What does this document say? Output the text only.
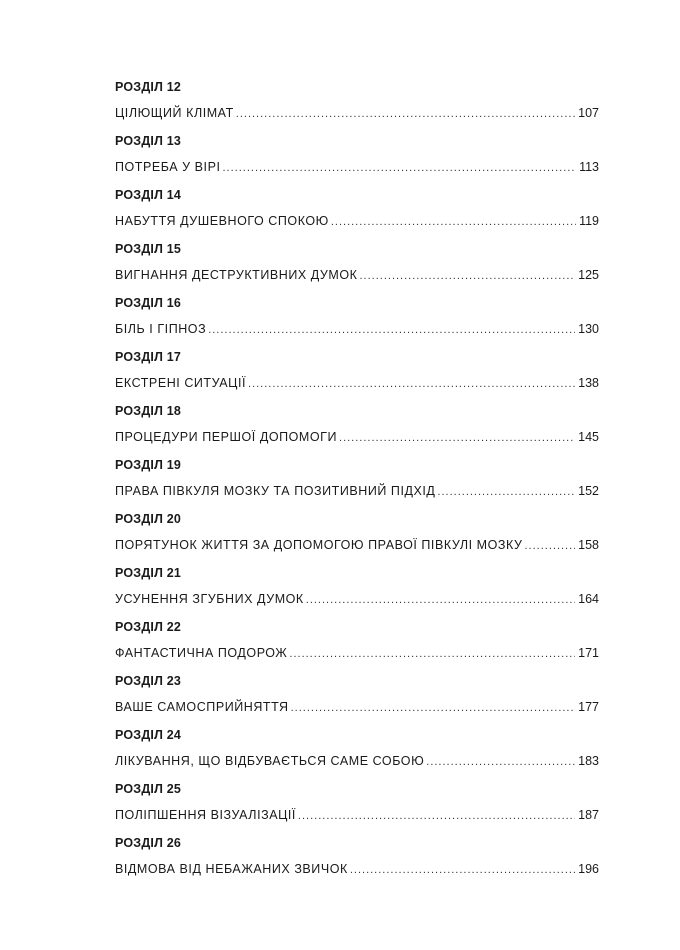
РОЗДІЛ 12
ЦІЛЮЩИЙ КЛІМАТ .....	107
РОЗДІЛ 13
ПОТРЕБА У ВІРІ .....	113
РОЗДІЛ 14
НАБУТТЯ ДУШЕВНОГО СПОКОЮ .....	119
РОЗДІЛ 15
ВИГНАННЯ ДЕСТРУКТИВНИХ ДУМОК .....	125
РОЗДІЛ 16
БІЛЬ І ГІПНОЗ .....	130
РОЗДІЛ 17
ЕКСТРЕНІ СИТУАЦІЇ .....	138
РОЗДІЛ 18
ПРОЦЕДУРИ ПЕРШОЇ ДОПОМОГИ .....	145
РОЗДІЛ 19
ПРАВА ПІВКУЛЯ МОЗКУ ТА ПОЗИТИВНИЙ ПІДХІД .....	152
РОЗДІЛ 20
ПОРЯТУНОК ЖИТТЯ ЗА ДОПОМОГОЮ ПРАВОЇ ПІВКУЛІ МОЗКУ .....	158
РОЗДІЛ 21
УСУНЕННЯ ЗГУБНИХ ДУМОК .....	164
РОЗДІЛ 22
ФАНТАСТИЧНА ПОДОРОЖ .....	171
РОЗДІЛ 23
ВАШЕ САМОСПРИЙНЯТТЯ .....	177
РОЗДІЛ 24
ЛІКУВАННЯ, ЩО ВІДБУВАЄТЬСЯ САМЕ СОБОЮ .....	183
РОЗДІЛ 25
ПОЛІПШЕННЯ ВІЗУАЛІЗАЦІЇ .....	187
РОЗДІЛ 26
ВІДМОВА ВІД НЕБАЖАНИХ ЗВИЧОК .....	196
